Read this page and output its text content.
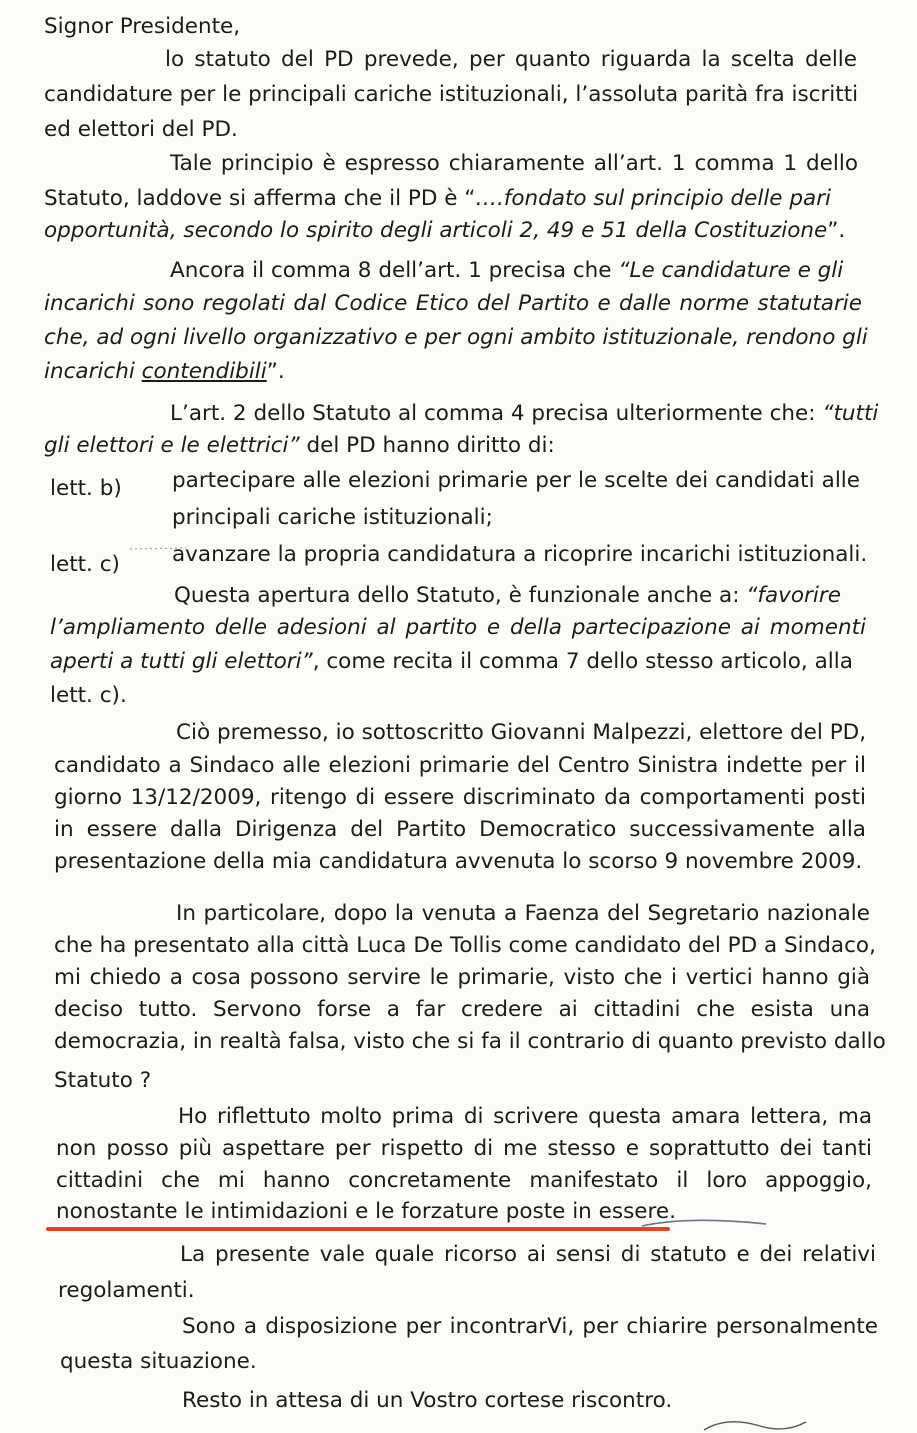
Signor Presidente,
lo statuto del PD prevede, per quanto riguarda la scelta delle
candidature per le principali cariche istituzionali, l’assoluta parità fra iscritti
ed elettori del PD.
Tale principio è espresso chiaramente all’art. 1 comma 1 dello
Statuto, laddove si afferma che il PD è “….fondato sul principio delle pari
opportunità, secondo lo spirito degli articoli 2, 49 e 51 della Costituzione”.
Ancora il comma 8 dell’art. 1 precisa che “Le candidature e gli
incarichi sono regolati dal Codice Etico del Partito e dalle norme statutarie
che, ad ogni livello organizzativo e per ogni ambito istituzionale, rendono gli
incarichi contendibili”.
L’art. 2 dello Statuto al comma 4 precisa ulteriormente che: “tutti
gli elettori e le elettrici” del PD hanno diritto di:
lett. b) partecipare alle elezioni primarie per le scelte dei candidati alle
principali cariche istituzionali;
lett. c) avanzare la propria candidatura a ricoprire incarichi istituzionali.
Questa apertura dello Statuto, è funzionale anche a: “favorire
l’ampliamento delle adesioni al partito e della partecipazione ai momenti
aperti a tutti gli elettori”, come recita il comma 7 dello stesso articolo, alla
lett. c).
Ciò premesso, io sottoscritto Giovanni Malpezzi, elettore del PD,
candidato a Sindaco alle elezioni primarie del Centro Sinistra indette per il
giorno 13/12/2009, ritengo di essere discriminato da comportamenti posti
in essere dalla Dirigenza del Partito Democratico successivamente alla
presentazione della mia candidatura avvenuta lo scorso 9 novembre 2009.
In particolare, dopo la venuta a Faenza del Segretario nazionale
che ha presentato alla città Luca De Tollis come candidato del PD a Sindaco,
mi chiedo a cosa possono servire le primarie, visto che i vertici hanno già
deciso tutto. Servono forse a far credere ai cittadini che esista una
democrazia, in realtà falsa, visto che si fa il contrario di quanto previsto dallo
Statuto ?
Ho riflettuto molto prima di scrivere questa amara lettera, ma
non posso più aspettare per rispetto di me stesso e soprattutto dei tanti
cittadini che mi hanno concretamente manifestato il loro appoggio,
nonostante le intimidazioni e le forzature poste in essere.
La presente vale quale ricorso ai sensi di statuto e dei relativi
regolamenti.
Sono a disposizione per incontrarVi, per chiarire personalmente
questa situazione.
Resto in attesa di un Vostro cortese riscontro.
